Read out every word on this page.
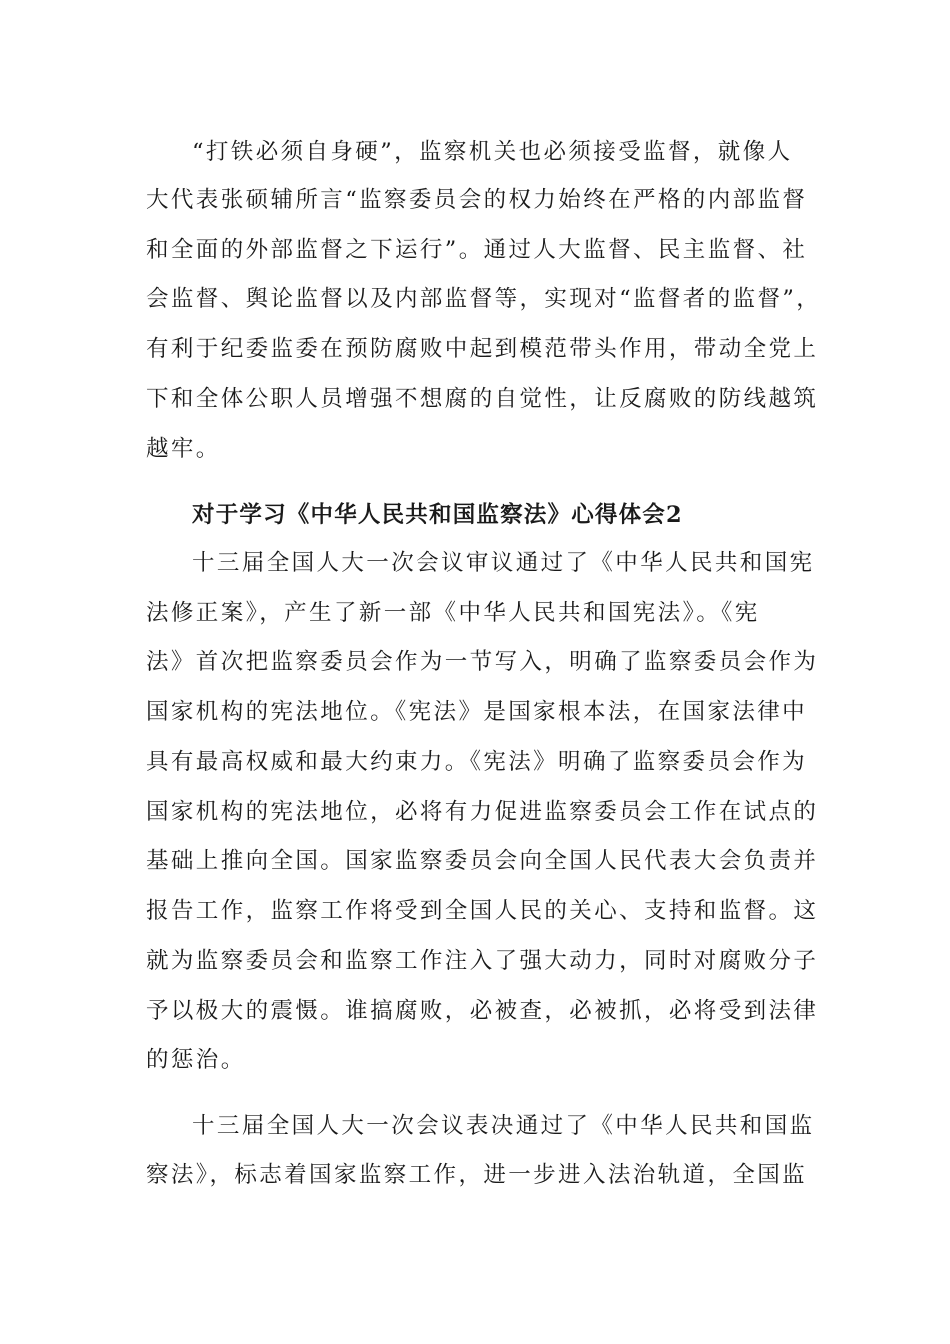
“打铁必须自身硬”，监察机关也必须接受监督，就像人
大代表张硕辅所言“监察委员会的权力始终在严格的内部监督
和全面的外部监督之下运行”。通过人大监督、民主监督、社
会监督、舆论监督以及内部监督等，实现对“监督者的监督”，
有利于纪委监委在预防腐败中起到模范带头作用，带动全党上
下和全体公职人员增强不想腐的自觉性，让反腐败的防线越筑
越牢。
对于学习《中华人民共和国监察法》心得体会2
十三届全国人大一次会议审议通过了《中华人民共和国宪
法修正案》，产生了新一部《中华人民共和国宪法》。《宪
法》首次把监察委员会作为一节写入，明确了监察委员会作为
国家机构的宪法地位。《宪法》是国家根本法，在国家法律中
具有最高权威和最大约束力。《宪法》明确了监察委员会作为
国家机构的宪法地位，必将有力促进监察委员会工作在试点的
基础上推向全国。国家监察委员会向全国人民代表大会负责并
报告工作，监察工作将受到全国人民的关心、支持和监督。这
就为监察委员会和监察工作注入了强大动力，同时对腐败分子
予以极大的震慑。谁搞腐败，必被查，必被抓，必将受到法律
的惩治。
十三届全国人大一次会议表决通过了《中华人民共和国监
察法》，标志着国家监察工作，进一步进入法治轨道，全国监
